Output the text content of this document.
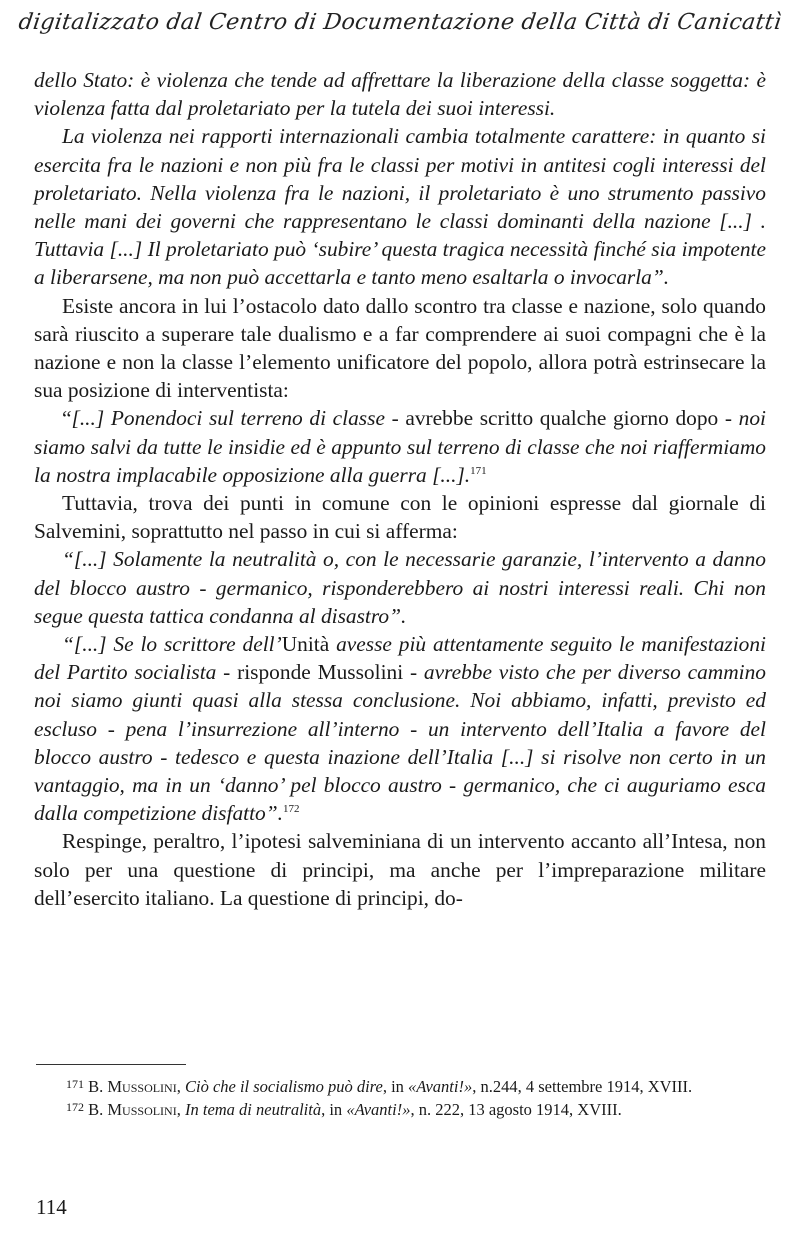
digitalizzato dal Centro di Documentazione della Città di Canicattì

dello Stato: è violenza che tende ad affrettare la liberazione della classe soggetta: è violenza fatta dal proletariato per la tutela dei suoi interessi.

La violenza nei rapporti internazionali cambia totalmente carattere: in quanto si esercita fra le nazioni e non più fra le classi per motivi in antitesi cogli interessi del proletariato. Nella violenza fra le nazioni, il proletariato è uno strumento passivo nelle mani dei governi che rappresentano le classi dominanti della nazione [...] . Tuttavia [...] Il proletariato può ‘subire’ questa tragica necessità finché sia impotente a liberarsene, ma non può accettarla e tanto meno esaltarla o invocarla”.

Esiste ancora in lui l’ostacolo dato dallo scontro tra classe e nazione, solo quando sarà riuscito a superare tale dualismo e a far comprendere ai suoi compagni che è la nazione e non la classe l’elemento unificatore del popolo, allora potrà estrinsecare la sua posizione di interventista:

“[...] Ponendoci sul terreno di classe - avrebbe scritto qualche giorno dopo - noi siamo salvi da tutte le insidie ed è appunto sul terreno di classe che noi riaffermiamo la nostra implacabile opposizione alla guerra [...].$^{171}$

Tuttavia, trova dei punti in comune con le opinioni espresse dal giornale di Salvemini, soprattutto nel passo in cui si afferma:

“[...] Solamente la neutralità o, con le necessarie garanzie, l’intervento a danno del blocco austro - germanico, risponderebbero ai nostri interessi reali. Chi non segue questa tattica condanna al disastro”.

“[...] Se lo scrittore dell’Unità avesse più attentamente seguito le manifestazioni del Partito socialista - risponde Mussolini - avrebbe visto che per diverso cammino noi siamo giunti quasi alla stessa conclusione. Noi abbiamo, infatti, previsto ed escluso - pena l’insurrezione all’interno - un intervento dell’Italia a favore del blocco austro - tedesco e questa inazione dell’Italia [...] si risolve non certo in un vantaggio, ma in un ‘danno’ pel blocco austro - germanico, che ci auguriamo esca dalla competizione disfatto”.$^{172}$

Respinge, peraltro, l’ipotesi salveminiana di un intervento accanto all’Intesa, non solo per una questione di principi, ma anche per l’impreparazione militare dell’esercito italiano. La questione di principi, do-

$^{171}$ B. Mussolini, Ciò che il socialismo può dire, in «Avanti!», n.244, 4 settembre 1914, XVIII.

$^{172}$ B. Mussolini, In tema di neutralità, in «Avanti!», n. 222, 13 agosto 1914, XVIII.

114
